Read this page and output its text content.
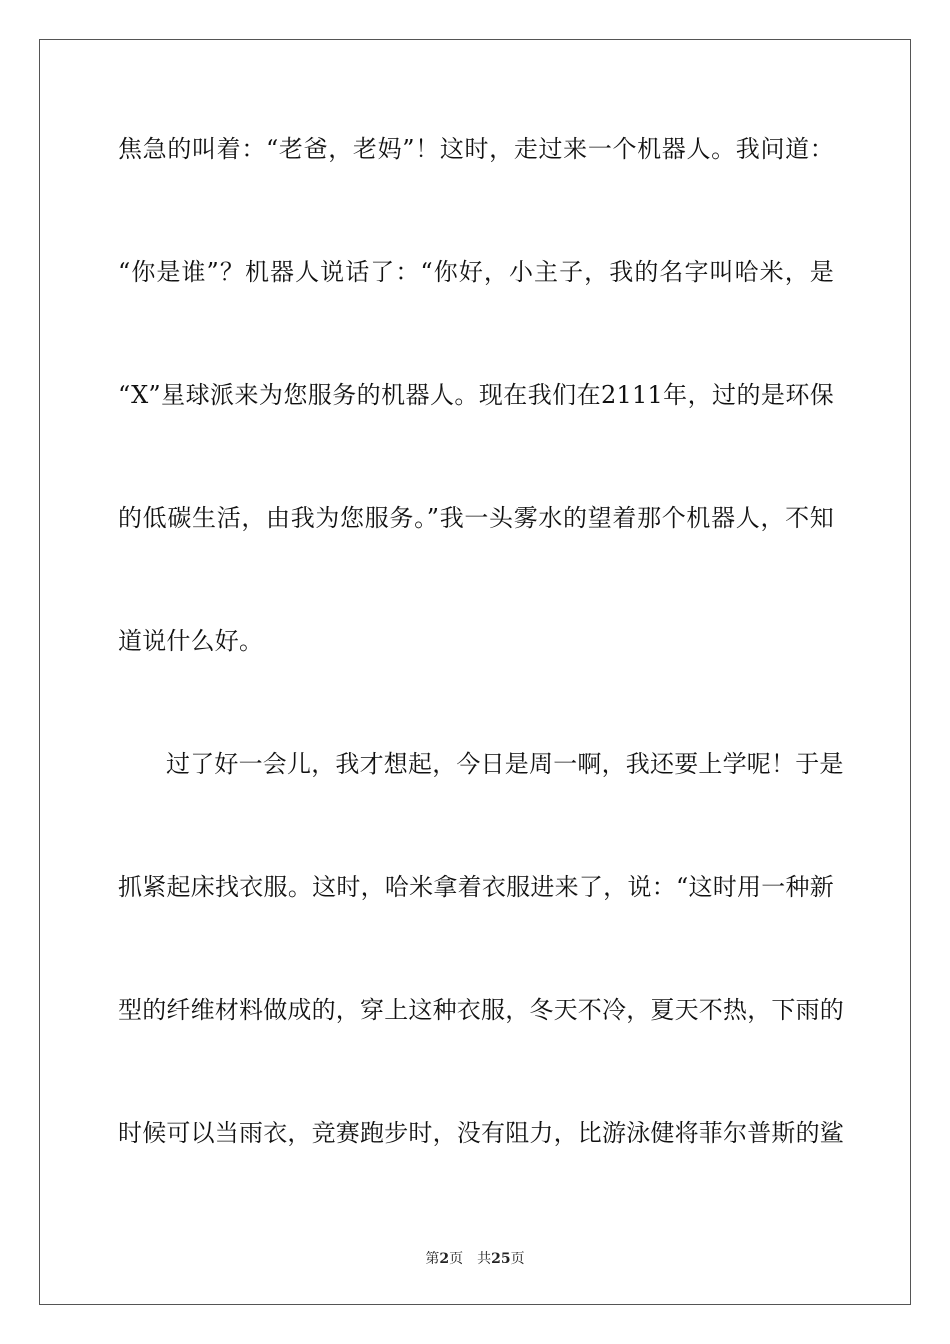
焦急的叫着：“老爸，老妈”！这时，走过来一个机器人。我问道：
“你是谁”？机器人说话了：“你好，小主子，我的名字叫哈米，是
“X”星球派来为您服务的机器人。现在我们在2111年，过的是环保
的低碳生活，由我为您服务。”我一头雾水的望着那个机器人，不知
道说什么好。
过了好一会儿，我才想起，今日是周一啊，我还要上学呢！于是
抓紧起床找衣服。这时，哈米拿着衣服进来了，说：“这时用一种新
型的纤维材料做成的，穿上这种衣服，冬天不冷，夏天不热，下雨的
时候可以当雨衣，竞赛跑步时，没有阻力，比游泳健将菲尔普斯的鲨
第2页 共25页
